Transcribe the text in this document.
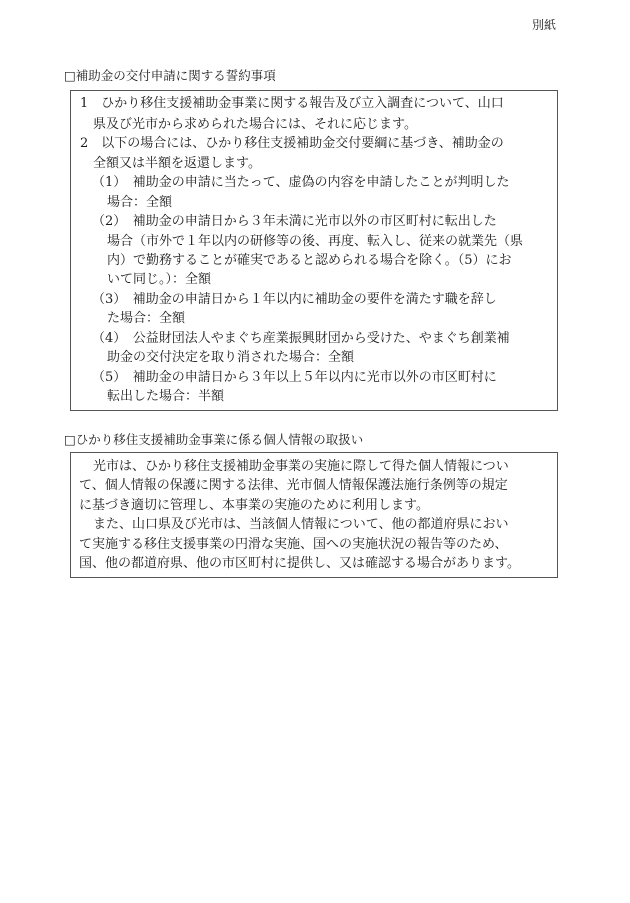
別紙
□補助金の交付申請に関する誓約事項
1　ひかり移住支援補助金事業に関する報告及び立入調査について、山口
県及び光市から求められた場合には、それに応じます。
2　以下の場合には、ひかり移住支援補助金交付要綱に基づき、補助金の
全額又は半額を返還します。
（1）　補助金の申請に当たって、虚偽の内容を申請したことが判明した
場合：全額
（2）　補助金の申請日から３年未満に光市以外の市区町村に転出した
場合（市外で１年以内の研修等の後、再度、転入し、従来の就業先（県
内）で勤務することが確実であると認められる場合を除く。（5）にお
いて同じ。）：全額
（3）　補助金の申請日から１年以内に補助金の要件を満たす職を辞し
た場合：全額
（4）　公益財団法人やまぐち産業振興財団から受けた、やまぐち創業補
助金の交付決定を取り消された場合：全額
（5）　補助金の申請日から３年以上５年以内に光市以外の市区町村に
転出した場合：半額
□ひかり移住支援補助金事業に係る個人情報の取扱い
光市は、ひかり移住支援補助金事業の実施に際して得た個人情報につい
て、個人情報の保護に関する法律、光市個人情報保護法施行条例等の規定
に基づき適切に管理し、本事業の実施のために利用します。
また、山口県及び光市は、当該個人情報について、他の都道府県におい
て実施する移住支援事業の円滑な実施、国への実施状況の報告等のため、
国、他の都道府県、他の市区町村に提供し、又は確認する場合があります。
